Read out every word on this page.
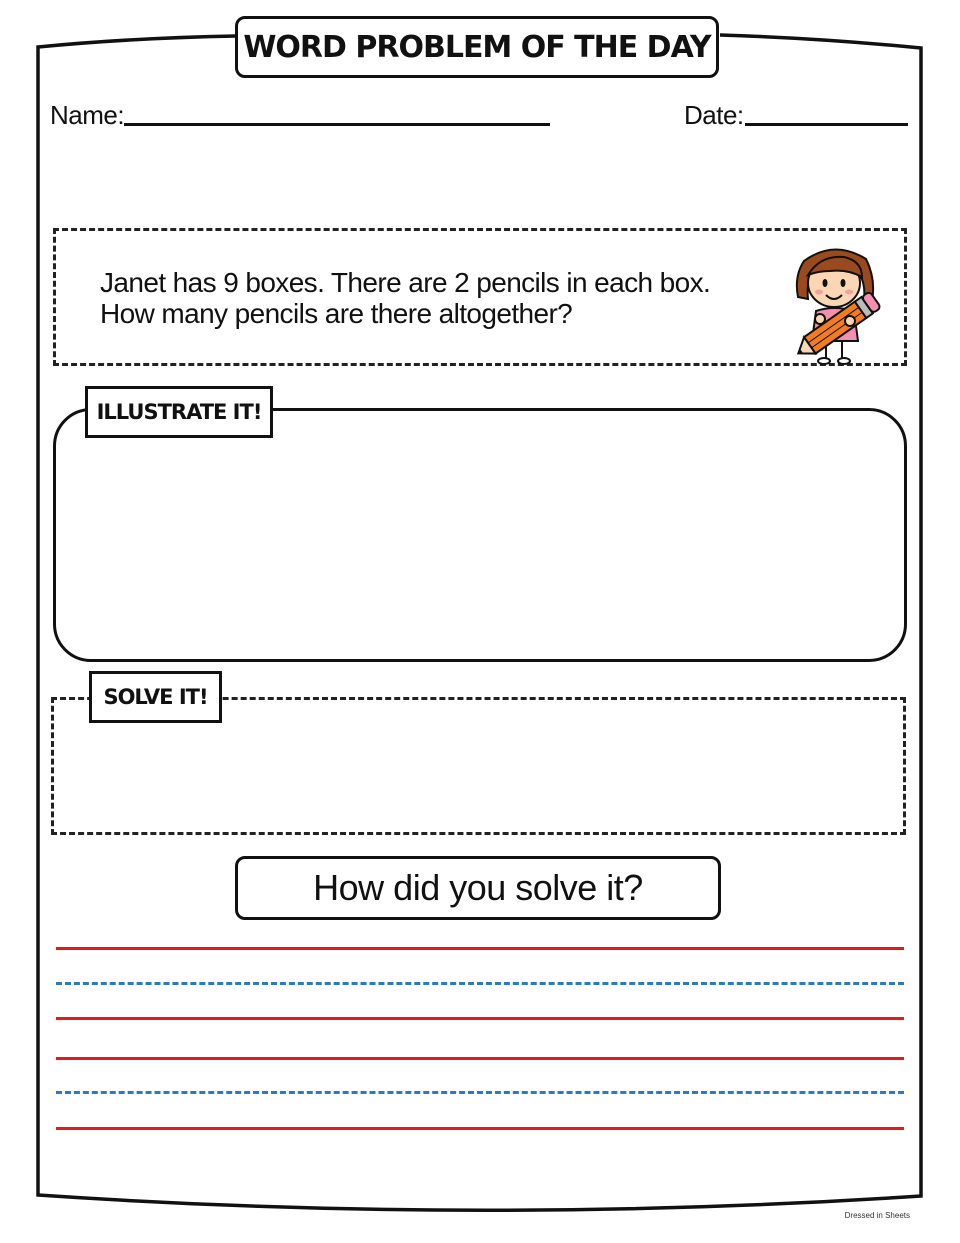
WORD PROBLEM OF THE DAY
Name:	Date:
Janet has 9 boxes. There are 2 pencils in each box.
How many pencils are there altogether?
ILLUSTRATE IT!
SOLVE IT!
How did you solve it?
Dressed in Sheets
